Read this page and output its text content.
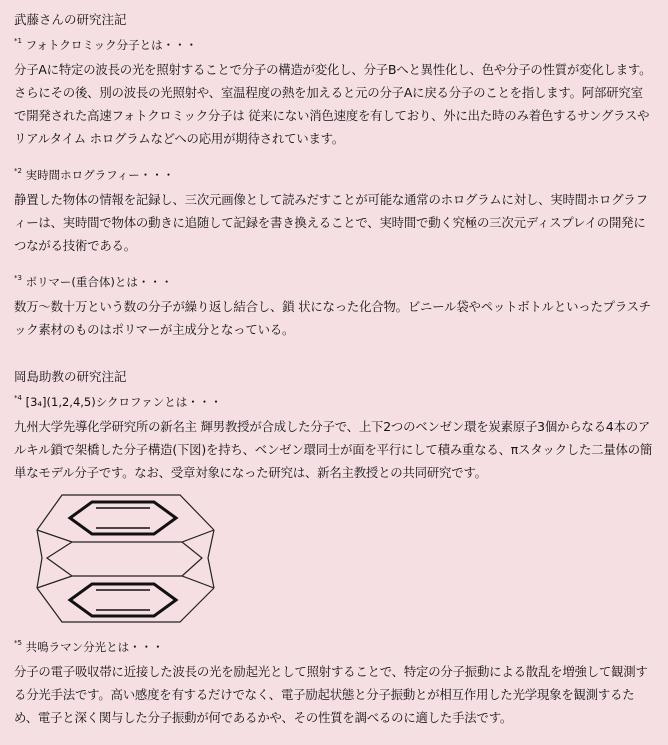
武藤さんの研究注記
$^{*1}$ フォトクロミック分子とは・・・

分子Aに特定の波長の光を照射することで分子の構造が変化し、分子Bへと異性化し、色や分子の性質が変化します。さらにその後、別の波長の光照射や、室温程度の熱を加えると元の分子Aに戻る分子のことを指します。阿部研究室で開発された高速フォトクロミック分子は 従来にない消色速度を有しており、外に出た時のみ着色するサングラスやリアルタイム ホログラムなどへの応用が期待されています。

$^{*2}$ 実時間ホログラフィー・・・

静置した物体の情報を記録し、三次元画像として読みだすことが可能な通常のホログラムに対し、実時間ホログラフィーは、実時間で物体の動きに追随して記録を書き換えることで、実時間で動く究極の三次元ディスプレイの開発につながる技術である。

$^{*3}$ ポリマー(重合体)とは・・・

数万〜数十万という数の分子が繰り返し結合し、鎖 状になった化合物。ビニール袋やペットボトルといったプラスチック素材のものはポリマーが主成分となっている。

岡島助教の研究注記
$^{*4}$ [3₄](1,2,4,5)シクロファンとは・・・

九州大学先導化学研究所の新名主 輝男教授が合成した分子で、上下2つのベンゼン環を炭素原子3個からなる4本のアルキル鎖で架橋した分子構造(下図)を持ち、ベンゼン環同士が面を平行にして積み重なる、πスタックした二量体の簡単なモデル分子です。なお、受章対象になった研究は、新名主教授との共同研究です。

$^{*5}$ 共鳴ラマン分光とは・・・

分子の電子吸収帯に近接した波長の光を励起光として照射することで、特定の分子振動による散乱を増強して観測する分光手法です。高い感度を有するだけでなく、電子励起状態と分子振動とが相互作用した光学現象を観測するため、電子と深く関与した分子振動が何であるかや、その性質を調べるのに適した手法です。
